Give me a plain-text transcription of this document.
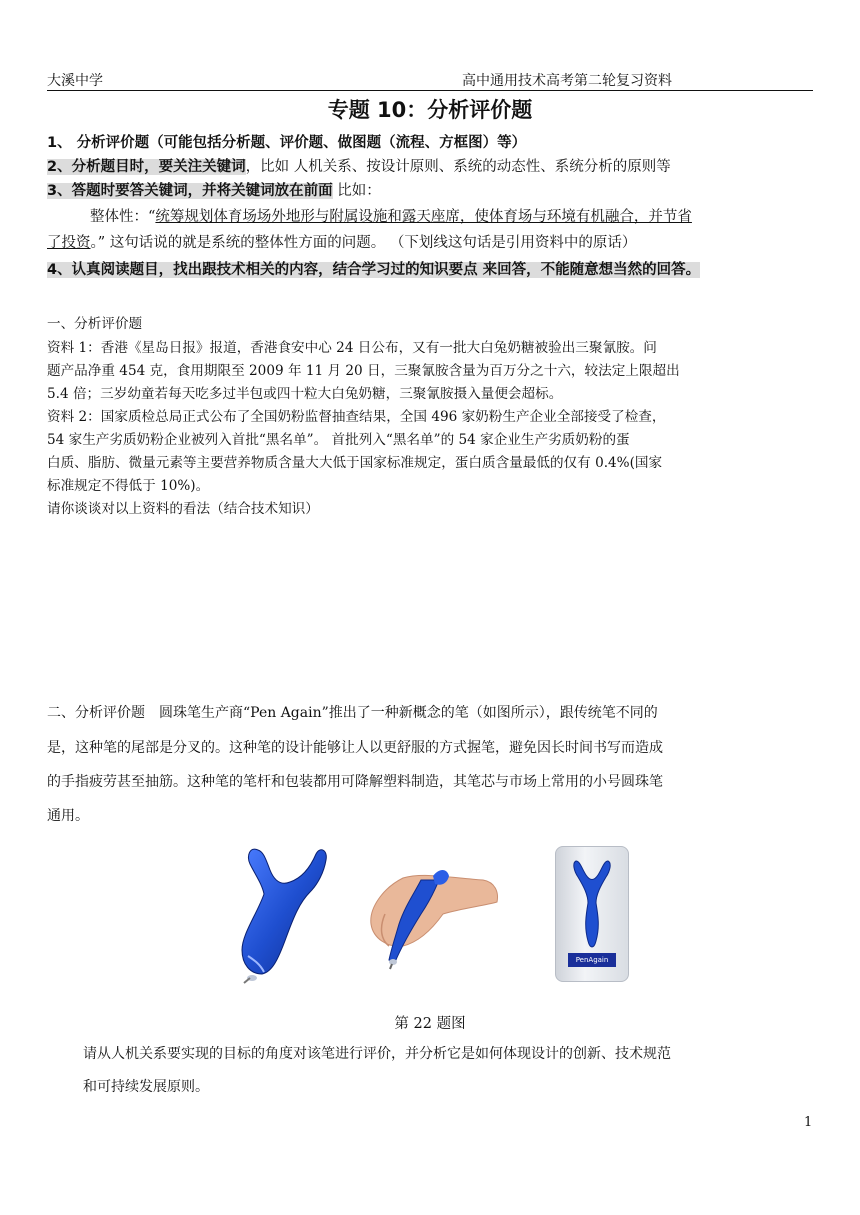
大溪中学	高中通用技术高考第二轮复习资料
专题 10：分析评价题
1、 分析评价题（可能包括分析题、评价题、做图题（流程、方框图）等）
2、分析题目时，要关注关键词，比如 人机关系、按设计原则、系统的动态性、系统分析的原则等
3、答题时要答关键词，并将关键词放在前面 比如：
整体性：“统筹规划体育场场外地形与附属设施和露天座席，使体育场与环境有机融合，并节省
了投资。” 这句话说的就是系统的整体性方面的问题。 （下划线这句话是引用资料中的原话）
4、认真阅读题目，找出跟技术相关的内容，结合学习过的知识要点 来回答，不能随意想当然的回答。
一、分析评价题
资料 1：香港《星岛日报》报道，香港食安中心 24 日公布，又有一批大白兔奶糖被验出三聚氰胺。问
题产品净重 454 克，食用期限至 2009 年 11 月 20 日，三聚氰胺含量为百万分之十六，较法定上限超出
5.4 倍；三岁幼童若每天吃多过半包或四十粒大白兔奶糖，三聚氰胺摄入量便会超标。
资料 2：国家质检总局正式公布了全国奶粉监督抽查结果，全国 496 家奶粉生产企业全部接受了检查，
54 家生产劣质奶粉企业被列入首批“黑名单”。 首批列入“黑名单”的 54 家企业生产劣质奶粉的蛋
白质、脂肪、微量元素等主要营养物质含量大大低于国家标准规定，蛋白质含量最低的仅有 0.4%(国家
标准规定不得低于 10%)。
请你谈谈对以上资料的看法（结合技术知识）
二、分析评价题　圆珠笔生产商“Pen Again”推出了一种新概念的笔（如图所示），跟传统笔不同的
是，这种笔的尾部是分叉的。这种笔的设计能够让人以更舒服的方式握笔，避免因长时间书写而造成
的手指疲劳甚至抽筋。这种笔的笔杆和包装都用可降解塑料制造，其笔芯与市场上常用的小号圆珠笔
通用。
PenAgain
第 22 题图
请从人机关系要实现的目标的角度对该笔进行评价，并分析它是如何体现设计的创新、技术规范
和可持续发展原则。
1
